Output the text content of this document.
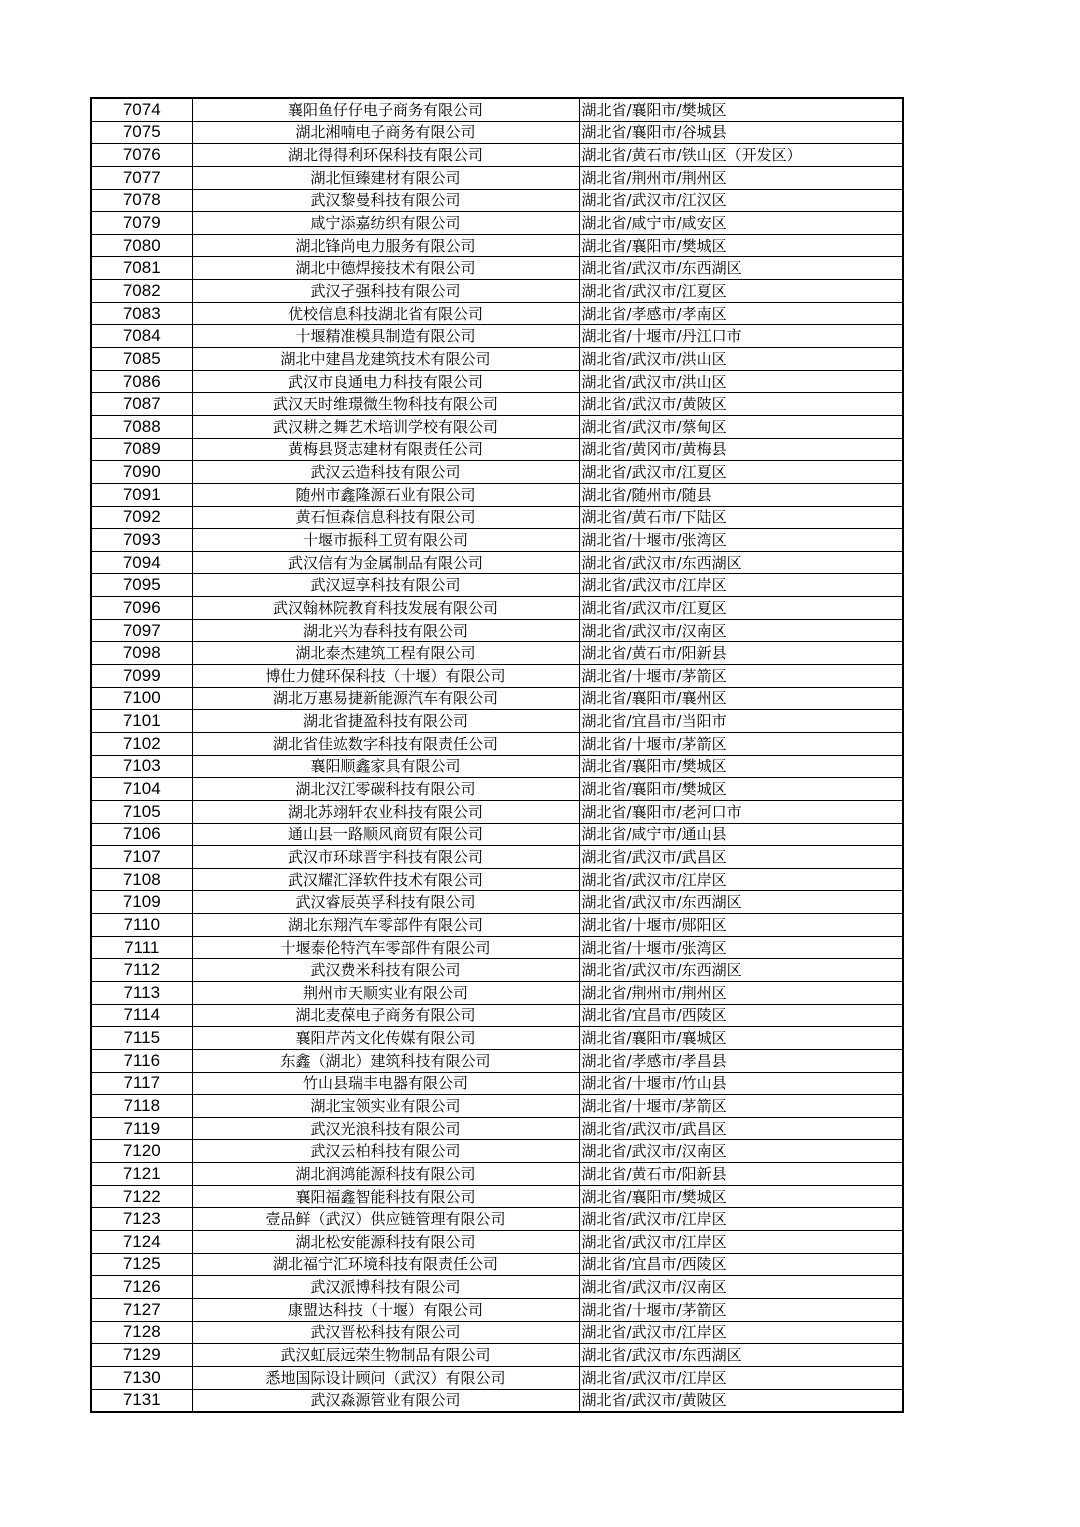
7074	襄阳鱼仔仔电子商务有限公司	湖北省/襄阳市/樊城区
7075	湖北湘喃电子商务有限公司	湖北省/襄阳市/谷城县
7076	湖北得得利环保科技有限公司	湖北省/黄石市/铁山区（开发区）
7077	湖北恒臻建材有限公司	湖北省/荆州市/荆州区
7078	武汉黎曼科技有限公司	湖北省/武汉市/江汉区
7079	咸宁添嘉纺织有限公司	湖北省/咸宁市/咸安区
7080	湖北锋尚电力服务有限公司	湖北省/襄阳市/樊城区
7081	湖北中德焊接技术有限公司	湖北省/武汉市/东西湖区
7082	武汉孑强科技有限公司	湖北省/武汉市/江夏区
7083	优校信息科技湖北省有限公司	湖北省/孝感市/孝南区
7084	十堰精准模具制造有限公司	湖北省/十堰市/丹江口市
7085	湖北中建昌龙建筑技术有限公司	湖北省/武汉市/洪山区
7086	武汉市良通电力科技有限公司	湖北省/武汉市/洪山区
7087	武汉天时维璟微生物科技有限公司	湖北省/武汉市/黄陂区
7088	武汉耕之舞艺术培训学校有限公司	湖北省/武汉市/蔡甸区
7089	黄梅县贤志建材有限责任公司	湖北省/黄冈市/黄梅县
7090	武汉云造科技有限公司	湖北省/武汉市/江夏区
7091	随州市鑫隆源石业有限公司	湖北省/随州市/随县
7092	黄石恒森信息科技有限公司	湖北省/黄石市/下陆区
7093	十堰市振科工贸有限公司	湖北省/十堰市/张湾区
7094	武汉信有为金属制品有限公司	湖北省/武汉市/东西湖区
7095	武汉逗享科技有限公司	湖北省/武汉市/江岸区
7096	武汉翰林院教育科技发展有限公司	湖北省/武汉市/江夏区
7097	湖北兴为春科技有限公司	湖北省/武汉市/汉南区
7098	湖北泰杰建筑工程有限公司	湖北省/黄石市/阳新县
7099	博仕力健环保科技（十堰）有限公司	湖北省/十堰市/茅箭区
7100	湖北万惠易捷新能源汽车有限公司	湖北省/襄阳市/襄州区
7101	湖北省捷盈科技有限公司	湖北省/宜昌市/当阳市
7102	湖北省佳竑数字科技有限责任公司	湖北省/十堰市/茅箭区
7103	襄阳顺鑫家具有限公司	湖北省/襄阳市/樊城区
7104	湖北汉江零碳科技有限公司	湖北省/襄阳市/樊城区
7105	湖北苏翊轩农业科技有限公司	湖北省/襄阳市/老河口市
7106	通山县一路顺风商贸有限公司	湖北省/咸宁市/通山县
7107	武汉市环球晋宇科技有限公司	湖北省/武汉市/武昌区
7108	武汉耀汇泽软件技术有限公司	湖北省/武汉市/江岸区
7109	武汉睿辰英孚科技有限公司	湖北省/武汉市/东西湖区
7110	湖北东翔汽车零部件有限公司	湖北省/十堰市/郧阳区
7111	十堰泰伦特汽车零部件有限公司	湖北省/十堰市/张湾区
7112	武汉费米科技有限公司	湖北省/武汉市/东西湖区
7113	荆州市天顺实业有限公司	湖北省/荆州市/荆州区
7114	湖北麦葆电子商务有限公司	湖北省/宜昌市/西陵区
7115	襄阳芹芮文化传媒有限公司	湖北省/襄阳市/襄城区
7116	东鑫（湖北）建筑科技有限公司	湖北省/孝感市/孝昌县
7117	竹山县瑞丰电器有限公司	湖北省/十堰市/竹山县
7118	湖北宝领实业有限公司	湖北省/十堰市/茅箭区
7119	武汉光浪科技有限公司	湖北省/武汉市/武昌区
7120	武汉云柏科技有限公司	湖北省/武汉市/汉南区
7121	湖北润鸿能源科技有限公司	湖北省/黄石市/阳新县
7122	襄阳福鑫智能科技有限公司	湖北省/襄阳市/樊城区
7123	壹品鲜（武汉）供应链管理有限公司	湖北省/武汉市/江岸区
7124	湖北松安能源科技有限公司	湖北省/武汉市/江岸区
7125	湖北福宁汇环境科技有限责任公司	湖北省/宜昌市/西陵区
7126	武汉派博科技有限公司	湖北省/武汉市/汉南区
7127	康盟达科技（十堰）有限公司	湖北省/十堰市/茅箭区
7128	武汉晋松科技有限公司	湖北省/武汉市/江岸区
7129	武汉虹辰远荣生物制品有限公司	湖北省/武汉市/东西湖区
7130	悉地国际设计顾问（武汉）有限公司	湖北省/武汉市/江岸区
7131	武汉淼源管业有限公司	湖北省/武汉市/黄陂区
